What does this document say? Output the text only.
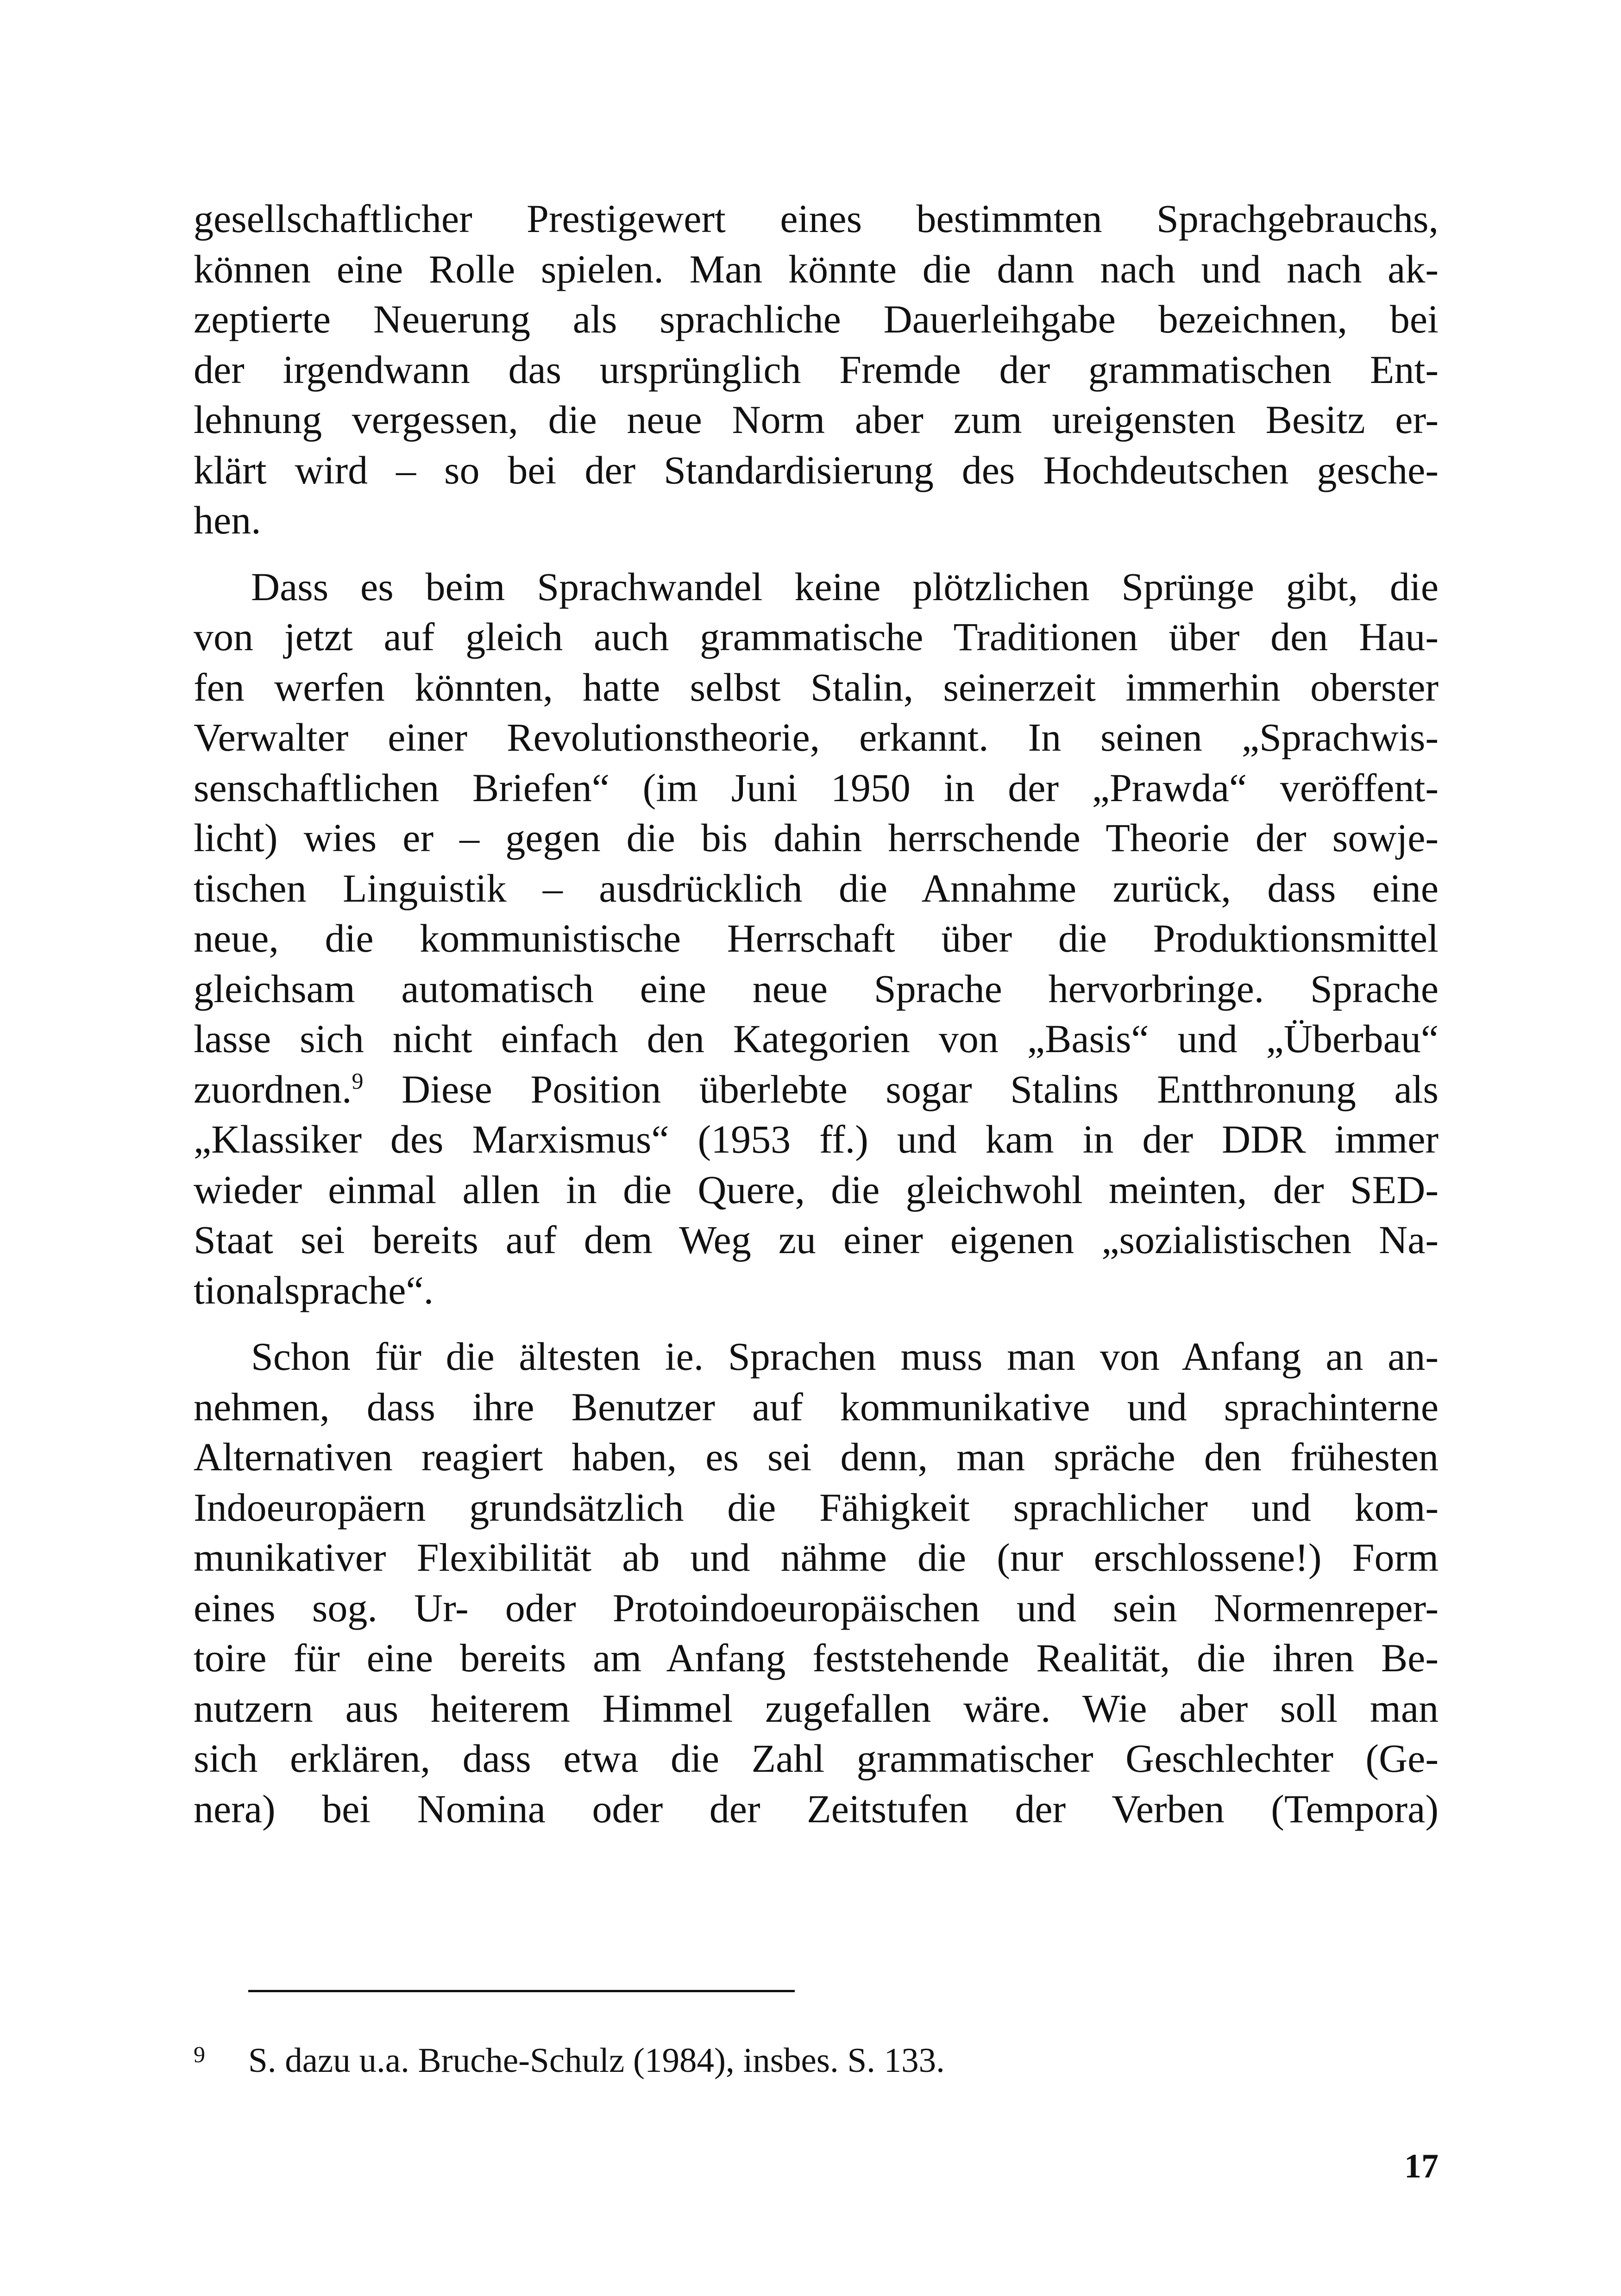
gesellschaftlicher Prestigewert eines bestimmten Sprachgebrauchs,
können eine Rolle spielen. Man könnte die dann nach und nach ak-
zeptierte Neuerung als sprachliche Dauerleihgabe bezeichnen, bei
der irgendwann das ursprünglich Fremde der grammatischen Ent-
lehnung vergessen, die neue Norm aber zum ureigensten Besitz er-
klärt wird – so bei der Standardisierung des Hochdeutschen gesche-
hen.

Dass es beim Sprachwandel keine plötzlichen Sprünge gibt, die
von jetzt auf gleich auch grammatische Traditionen über den Hau-
fen werfen könnten, hatte selbst Stalin, seinerzeit immerhin oberster
Verwalter einer Revolutionstheorie, erkannt. In seinen „Sprachwis-
senschaftlichen Briefen“ (im Juni 1950 in der „Prawda“ veröffent-
licht) wies er – gegen die bis dahin herrschende Theorie der sowje-
tischen Linguistik – ausdrücklich die Annahme zurück, dass eine
neue, die kommunistische Herrschaft über die Produktionsmittel
gleichsam automatisch eine neue Sprache hervorbringe. Sprache
lasse sich nicht einfach den Kategorien von „Basis“ und „Überbau“
zuordnen.$^9$ Diese Position überlebte sogar Stalins Entthronung als
„Klassiker des Marxismus“ (1953 ff.) und kam in der DDR immer
wieder einmal allen in die Quere, die gleichwohl meinten, der SED-
Staat sei bereits auf dem Weg zu einer eigenen „sozialistischen Na-
tionalsprache“.

Schon für die ältesten ie. Sprachen muss man von Anfang an an-
nehmen, dass ihre Benutzer auf kommunikative und sprachinterne
Alternativen reagiert haben, es sei denn, man spräche den frühesten
Indoeuropäern grundsätzlich die Fähigkeit sprachlicher und kom-
munikativer Flexibilität ab und nähme die (nur erschlossene!) Form
eines sog. Ur- oder Protoindoeuropäischen und sein Normenreper-
toire für eine bereits am Anfang feststehende Realität, die ihren Be-
nutzern aus heiterem Himmel zugefallen wäre. Wie aber soll man
sich erklären, dass etwa die Zahl grammatischer Geschlechter (Ge-
nera) bei Nomina oder der Zeitstufen der Verben (Tempora)

9 S. dazu u.a. Bruche-Schulz (1984), insbes. S. 133.
17
